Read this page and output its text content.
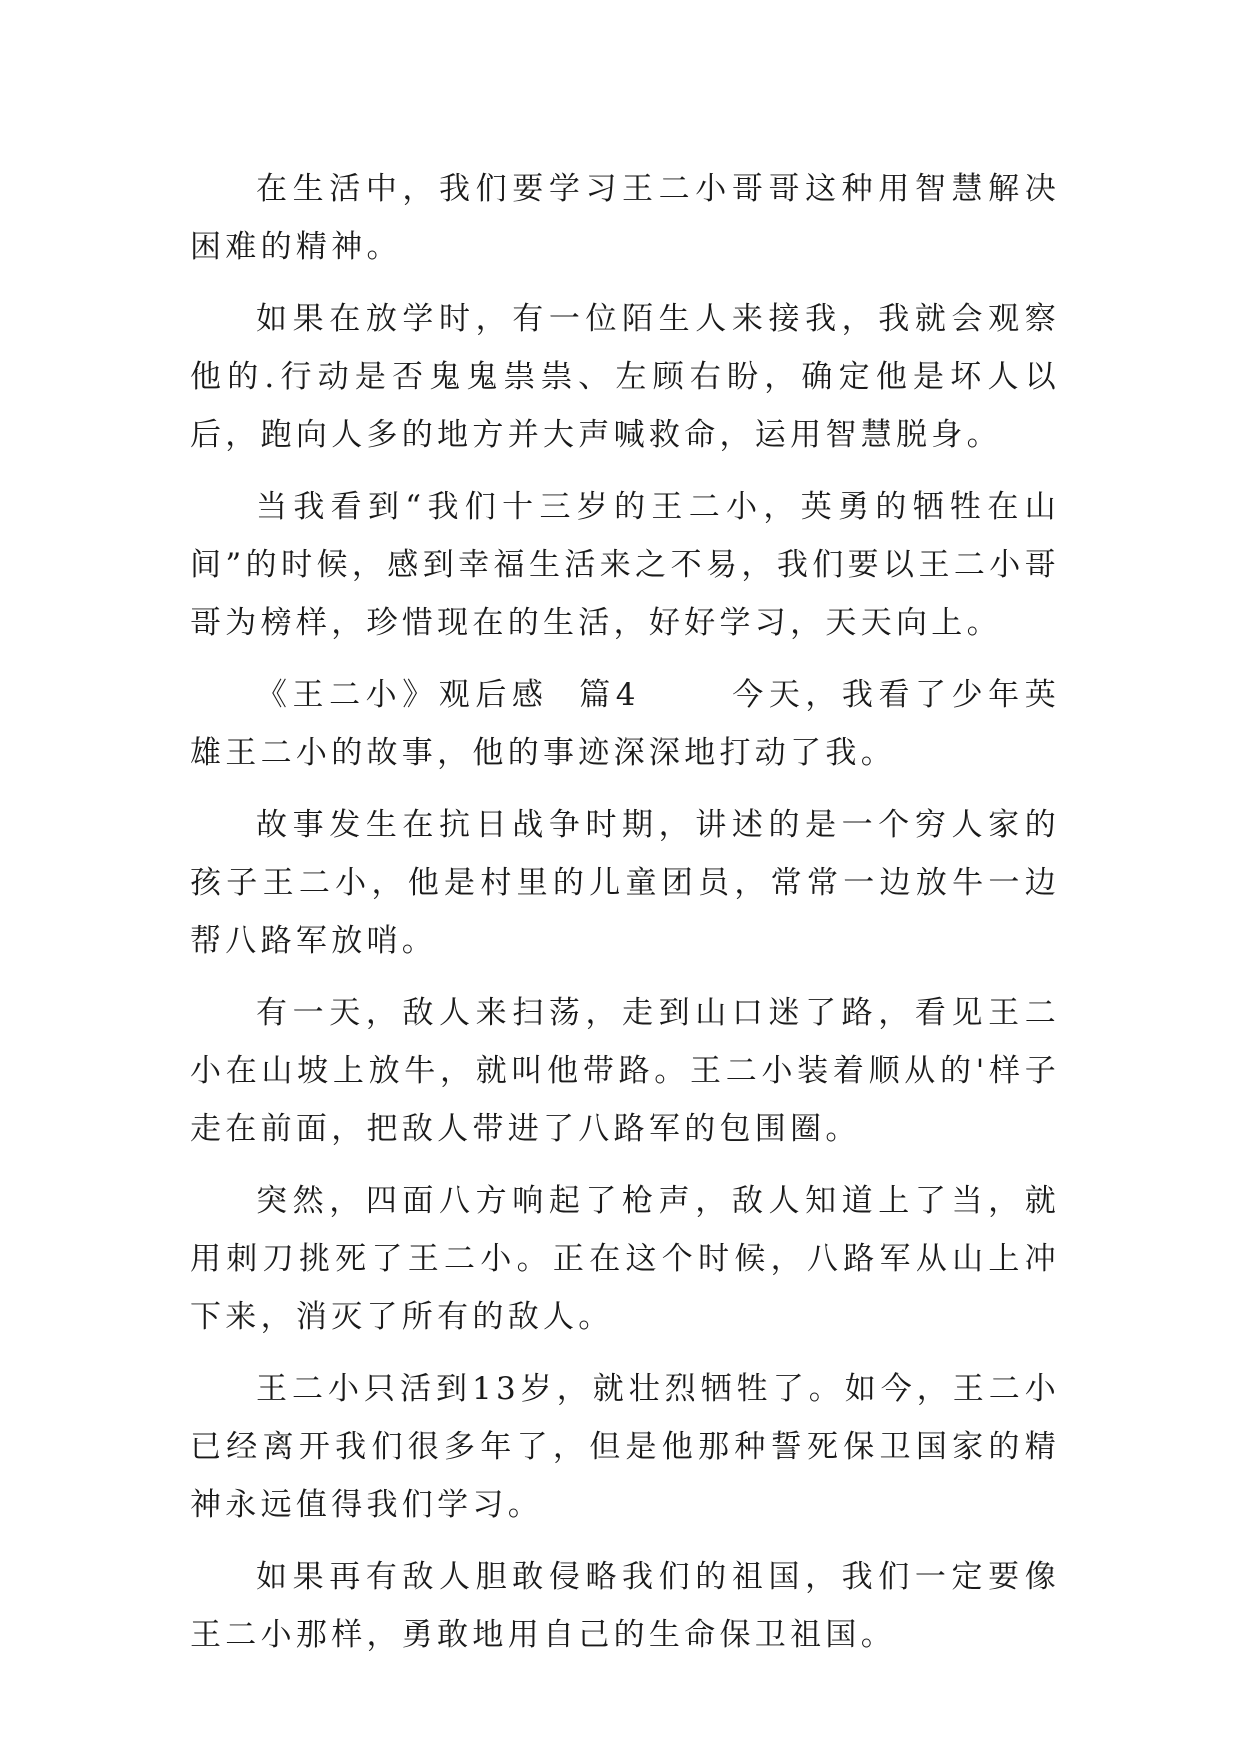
在生活中，我们要学习王二小哥哥这种用智慧解决困难的精神。

如果在放学时，有一位陌生人来接我，我就会观察他的.行动是否鬼鬼祟祟、左顾右盼，确定他是坏人以后，跑向人多的地方并大声喊救命，运用智慧脱身。

当我看到“我们十三岁的王二小，英勇的牺牲在山间”的时候，感到幸福生活来之不易，我们要以王二小哥哥为榜样，珍惜现在的生活，好好学习，天天向上。

《王二小》观后感  篇4      今天，我看了少年英雄王二小的故事，他的事迹深深地打动了我。

故事发生在抗日战争时期，讲述的是一个穷人家的孩子王二小，他是村里的儿童团员，常常一边放牛一边帮八路军放哨。

有一天，敌人来扫荡，走到山口迷了路，看见王二小在山坡上放牛，就叫他带路。王二小装着顺从的'样子走在前面，把敌人带进了八路军的包围圈。

突然，四面八方响起了枪声，敌人知道上了当，就用刺刀挑死了王二小。正在这个时候，八路军从山上冲下来，消灭了所有的敌人。

王二小只活到13岁，就壮烈牺牲了。如今，王二小已经离开我们很多年了，但是他那种誓死保卫国家的精神永远值得我们学习。

如果再有敌人胆敢侵略我们的祖国，我们一定要像王二小那样，勇敢地用自己的生命保卫祖国。
